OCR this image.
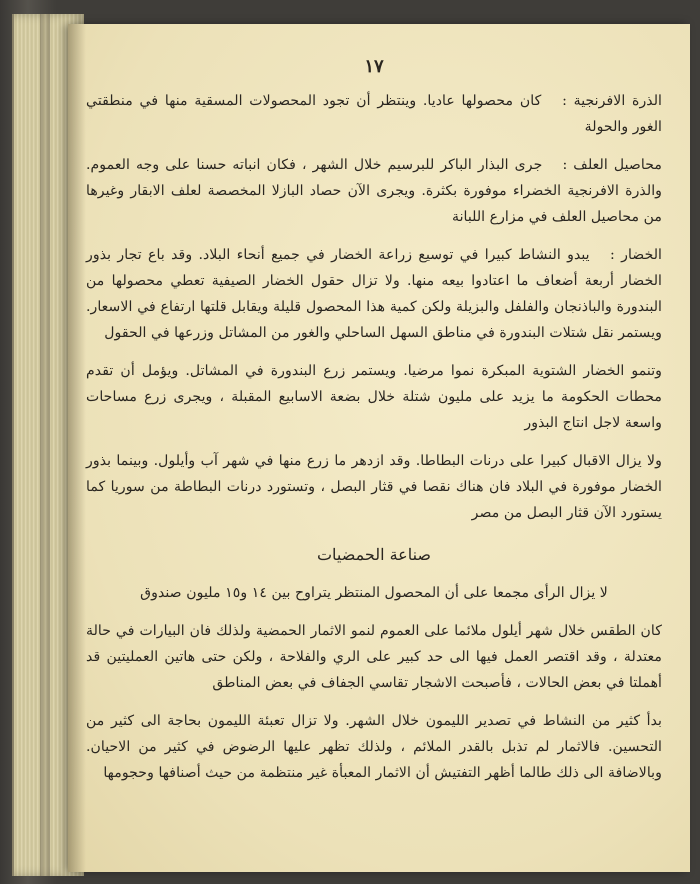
١٧

الذرة الافرنجية : كان محصولها عاديا. وينتظر أن تجود المحصولات المسقية منها في منطقتي الغور والحولة

محاصيل العلف : جرى البذار الباكر للبرسيم خلال الشهر ، فكان انباته حسنا على وجه العموم. والذرة الافرنجية الخضراء موفورة بكثرة. ويجرى الآن حصاد البازلا المخصصة لعلف الابقار وغيرها من محاصيل العلف في مزارع اللبانة

الخضار : يبدو النشاط كبيرا في توسيع زراعة الخضار في جميع أنحاء البلاد. وقد باع تجار بذور الخضار أربعة أضعاف ما اعتادوا بيعه منها. ولا تزال حقول الخضار الصيفية تعطي محصولها من البندورة والباذنجان والفلفل والبزيلة ولكن كمية هذا المحصول قليلة ويقابل قلتها ارتفاع في الاسعار. ويستمر نقل شتلات البندورة في مناطق السهل الساحلي والغور من المشاتل وزرعها في الحقول

وتنمو الخضار الشتوية المبكرة نموا مرضيا. ويستمر زرع البندورة في المشاتل. ويؤمل أن تقدم محطات الحكومة ما يزيد على مليون شتلة خلال بضعة الاسابيع المقبلة ، ويجرى زرع مساحات واسعة لاجل انتاج البذور

ولا يزال الاقبال كبيرا على درنات البطاطا. وقد ازدهر ما زرع منها في شهر آب وأيلول. وبينما بذور الخضار موفورة في البلاد فان هناك نقصا في قثار البصل ، وتستورد درنات البطاطة من سوريا كما يستورد الآن قثار البصل من مصر

صناعة الحمضيات

لا يزال الرأى مجمعا على أن المحصول المنتظر يتراوح بين ١٤ و١٥ مليون صندوق

كان الطقس خلال شهر أيلول ملائما على العموم لنمو الاثمار الحمضية ولذلك فان البيارات في حالة معتدلة ، وقد اقتصر العمل فيها الى حد كبير على الري والفلاحة ، ولكن حتى هاتين العمليتين قد أهملتا في بعض الحالات ، فأصبحت الاشجار تقاسي الجفاف في بعض المناطق

بدأ كثير من النشاط في تصدير الليمون خلال الشهر. ولا تزال تعبئة الليمون بحاجة الى كثير من التحسين. فالاثمار لم تذبل بالقدر الملائم ، ولذلك تظهر عليها الرضوض في كثير من الاحيان. وبالاضافة الى ذلك طالما أظهر التفتيش أن الاثمار المعبأة غير منتظمة من حيث أصنافها وحجومها
